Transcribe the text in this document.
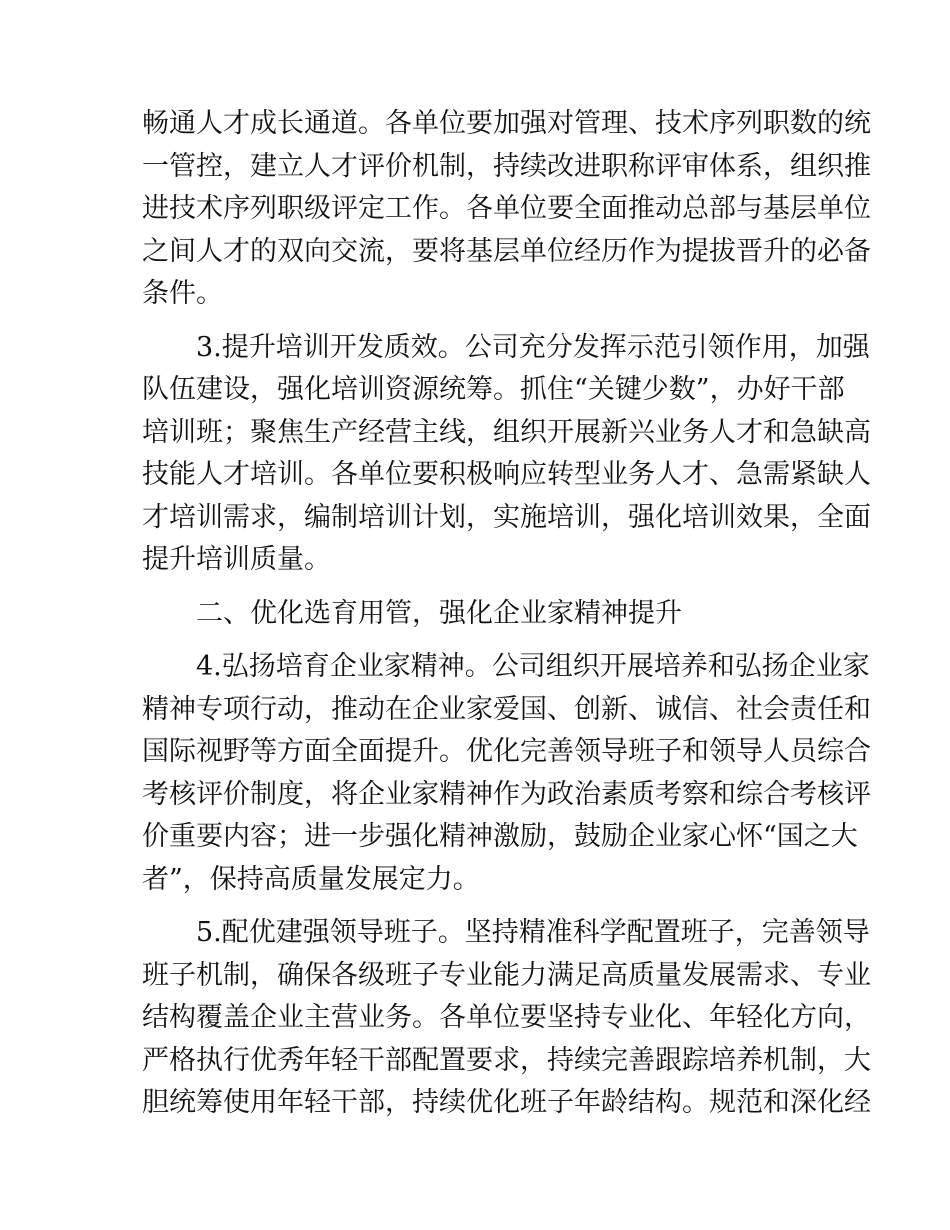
畅通人才成长通道。各单位要加强对管理、技术序列职数的统
一管控，建立人才评价机制，持续改进职称评审体系，组织推
进技术序列职级评定工作。各单位要全面推动总部与基层单位
之间人才的双向交流，要将基层单位经历作为提拔晋升的必备
条件。
3.提升培训开发质效。公司充分发挥示范引领作用，加强
队伍建设，强化培训资源统筹。抓住“关键少数”，办好干部
培训班；聚焦生产经营主线，组织开展新兴业务人才和急缺高
技能人才培训。各单位要积极响应转型业务人才、急需紧缺人
才培训需求，编制培训计划，实施培训，强化培训效果，全面
提升培训质量。
二、优化选育用管，强化企业家精神提升
4.弘扬培育企业家精神。公司组织开展培养和弘扬企业家
精神专项行动，推动在企业家爱国、创新、诚信、社会责任和
国际视野等方面全面提升。优化完善领导班子和领导人员综合
考核评价制度，将企业家精神作为政治素质考察和综合考核评
价重要内容；进一步强化精神激励，鼓励企业家心怀“国之大
者”，保持高质量发展定力。
5.配优建强领导班子。坚持精准科学配置班子，完善领导
班子机制，确保各级班子专业能力满足高质量发展需求、专业
结构覆盖企业主营业务。各单位要坚持专业化、年轻化方向，
严格执行优秀年轻干部配置要求，持续完善跟踪培养机制，大
胆统筹使用年轻干部，持续优化班子年龄结构。规范和深化经
